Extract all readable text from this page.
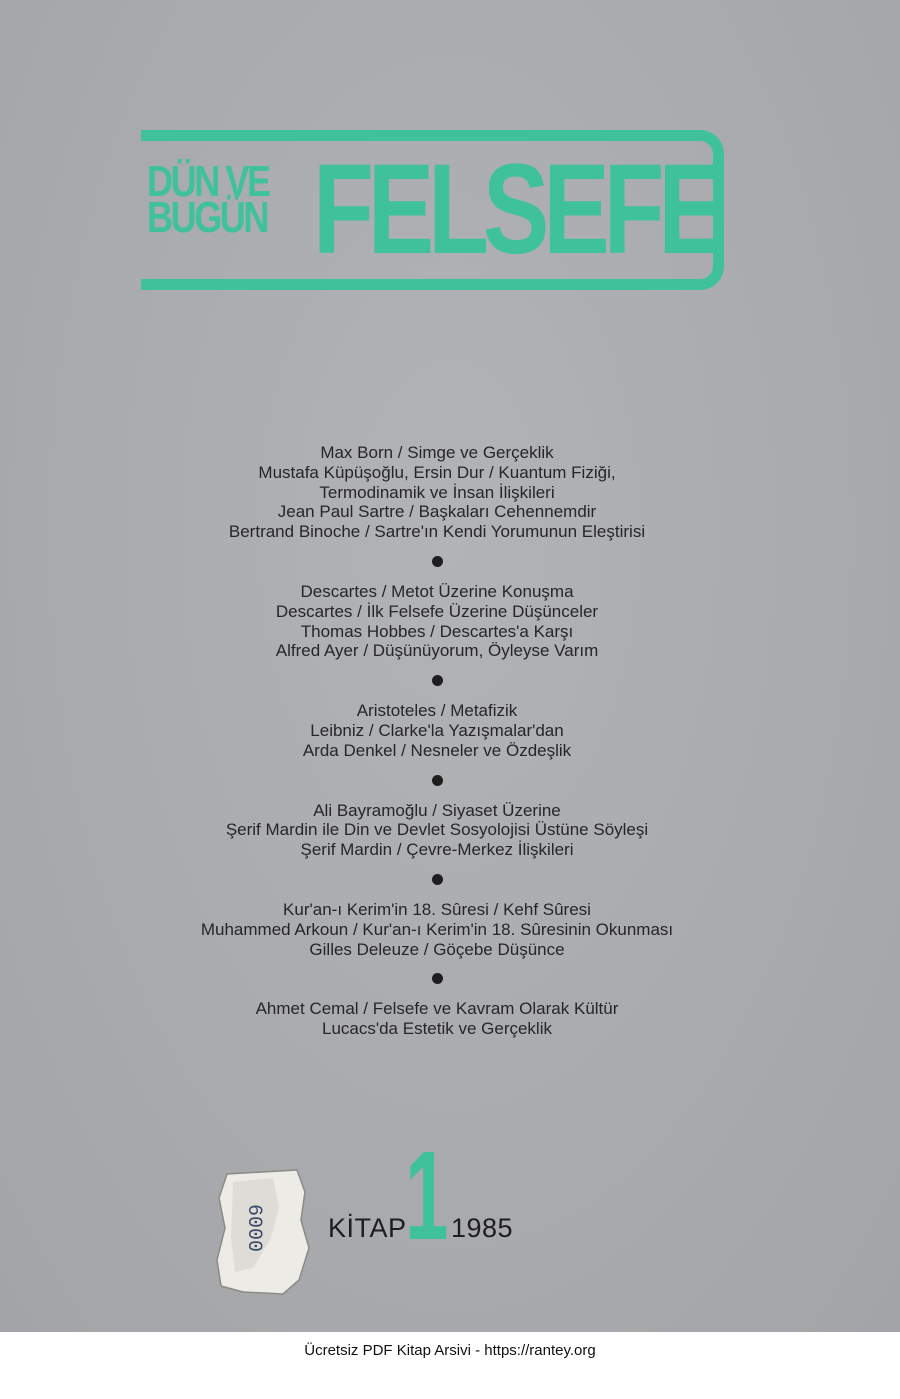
DÜN VE
BUGÜN FELSEFE
Max Born / Simge ve Gerçeklik
Mustafa Küpüşoğlu, Ersin Dur / Kuantum Fiziği,
Termodinamik ve İnsan İlişkileri
Jean Paul Sartre / Başkaları Cehennemdir
Bertrand Binoche / Sartre'ın Kendi Yorumunun Eleştirisi
Descartes / Metot Üzerine Konuşma
Descartes / İlk Felsefe Üzerine Düşünceler
Thomas Hobbes / Descartes'a Karşı
Alfred Ayer / Düşünüyorum, Öyleyse Varım
Aristoteles / Metafizik
Leibniz / Clarke'la Yazışmalar'dan
Arda Denkel / Nesneler ve Özdeşlik
Ali Bayramoğlu / Siyaset Üzerine
Şerif Mardin ile Din ve Devlet Sosyolojisi Üstüne Söyleşi
Şerif Mardin / Çevre-Merkez İlişkileri
Kur'an-ı Kerim'in 18. Sûresi / Kehf Sûresi
Muhammed Arkoun / Kur'an-ı Kerim'in 18. Sûresinin Okunması
Gilles Deleuze / Göçebe Düşünce
Ahmet Cemal / Felsefe ve Kavram Olarak Kültür
Lucacs'da Estetik ve Gerçeklik
6000 KİTAP
1 1985
Ücretsiz PDF Kitap Arsivi - https://rantey.org
